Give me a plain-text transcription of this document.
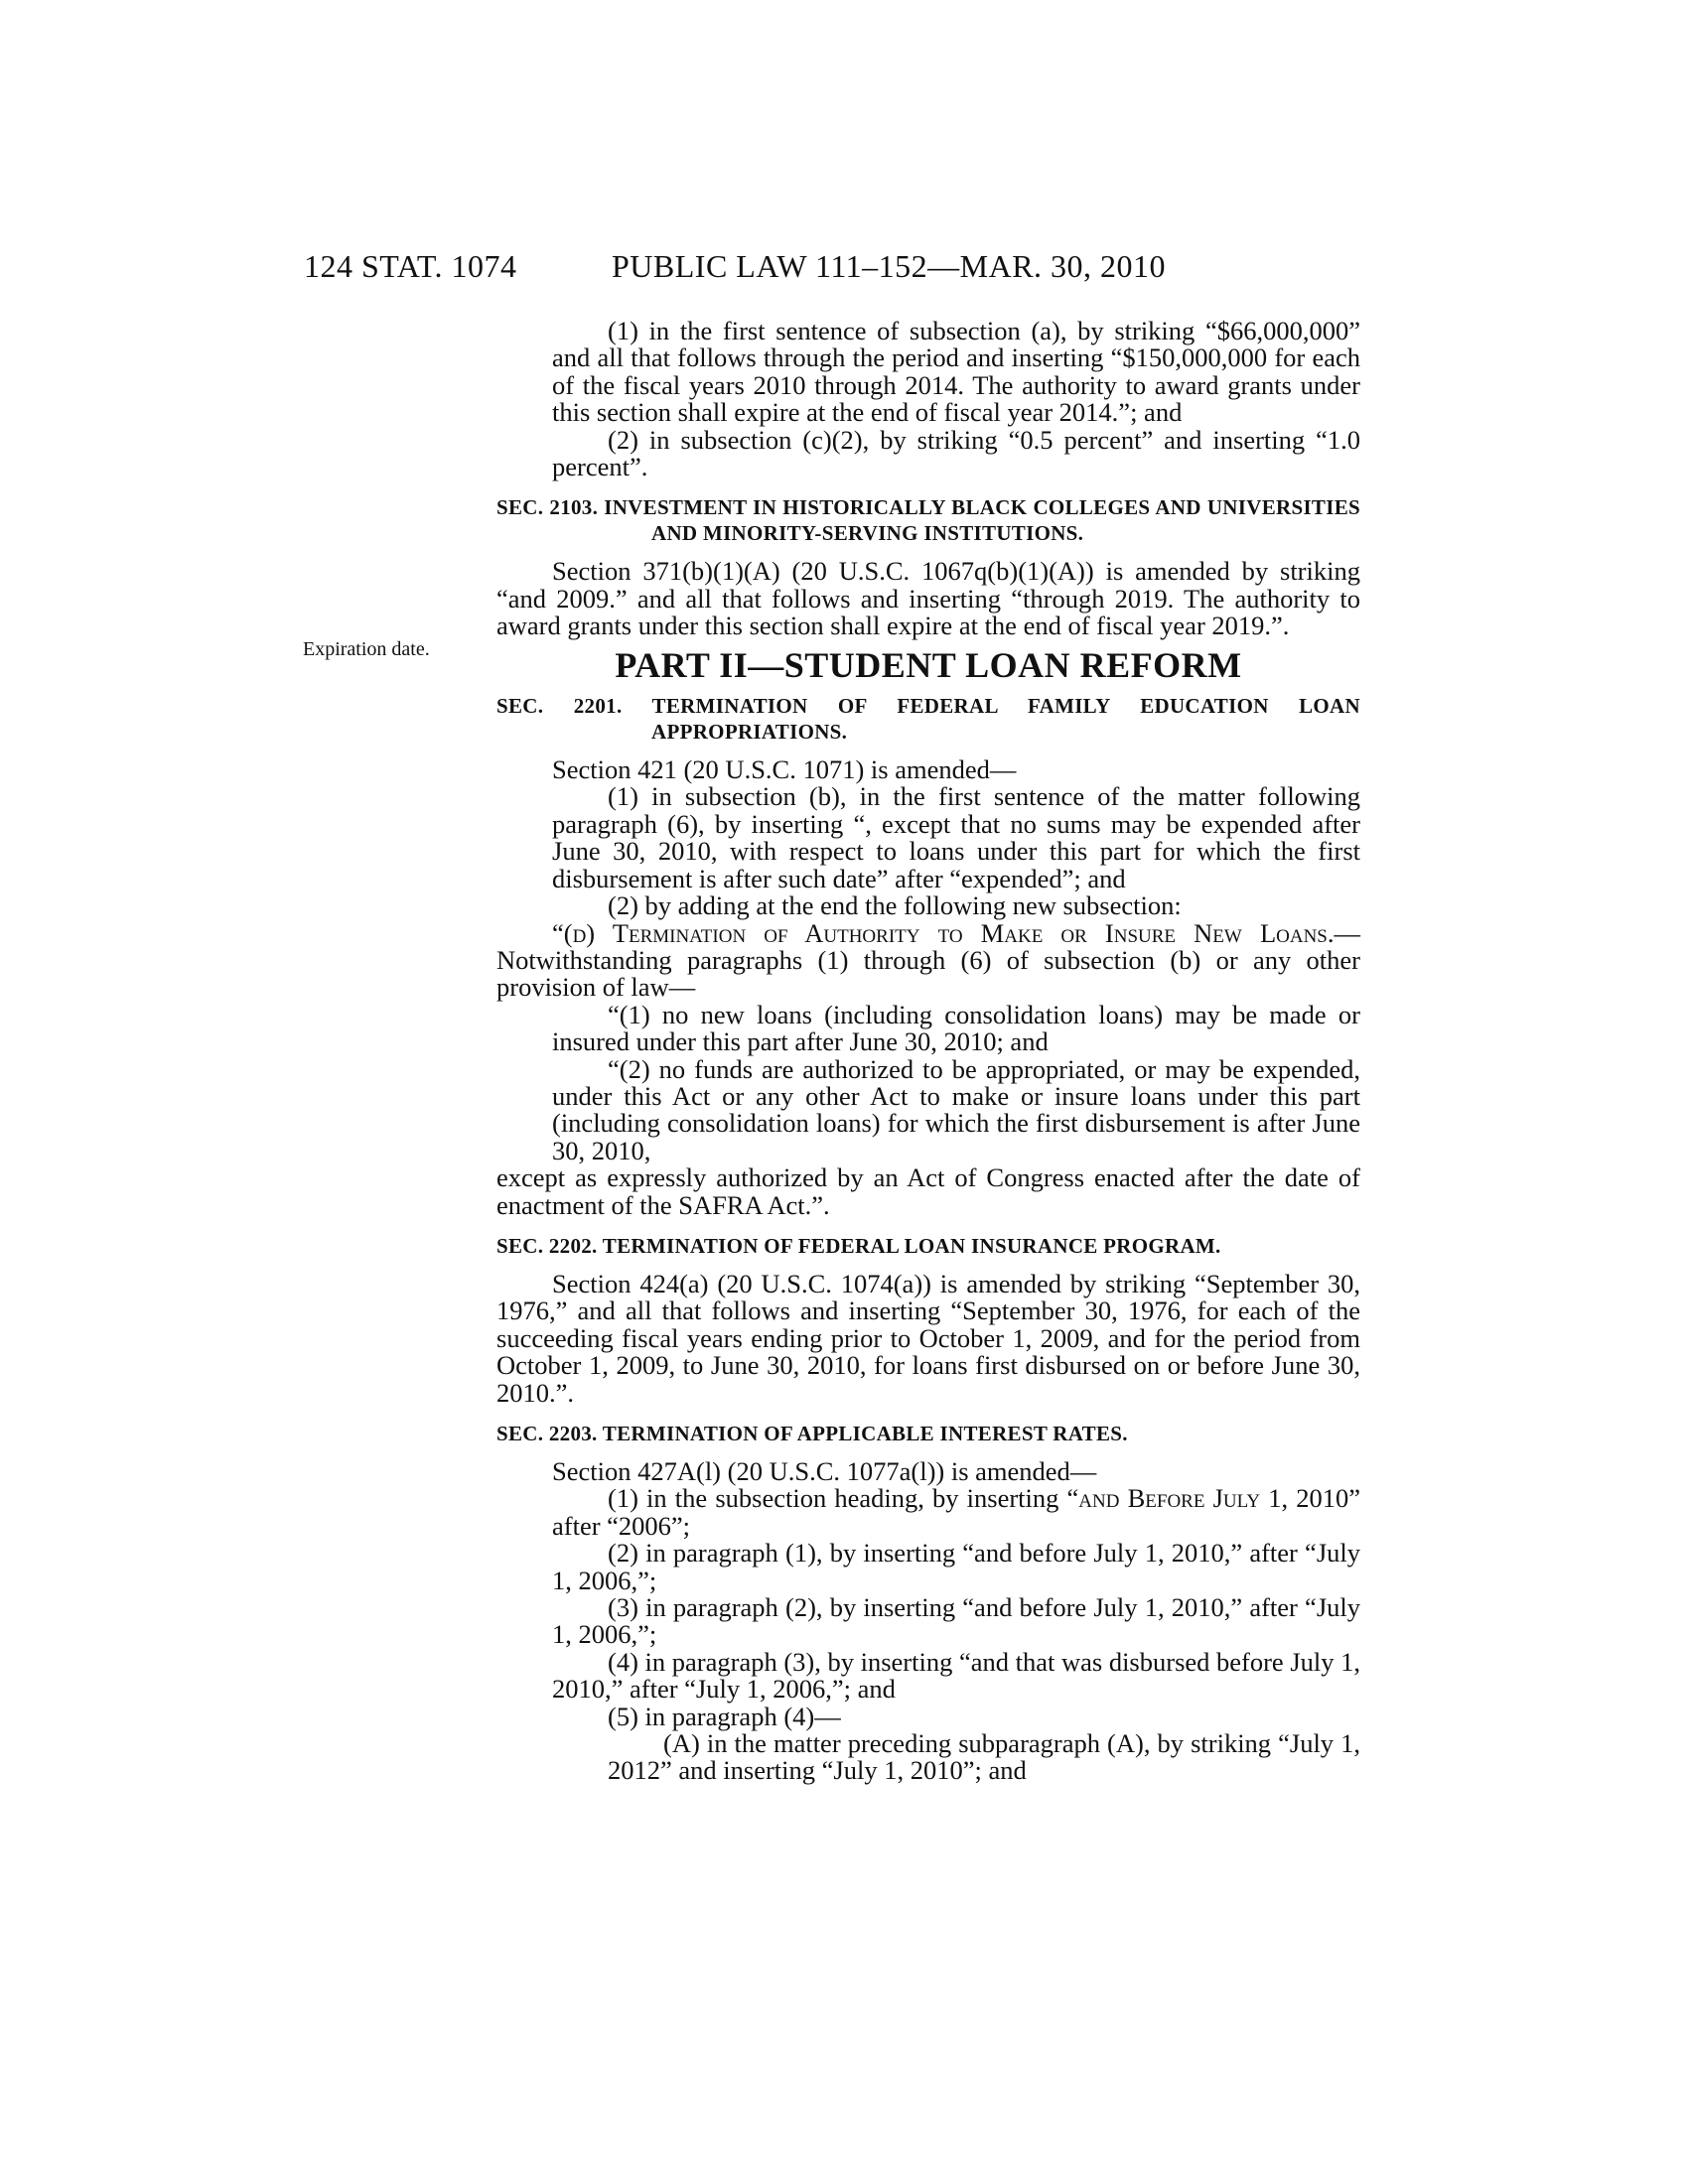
124 STAT. 1074	PUBLIC LAW 111–152—MAR. 30, 2010
Expiration date.

(1) in the first sentence of subsection (a), by striking “$66,000,000” and all that follows through the period and inserting “$150,000,000 for each of the fiscal years 2010 through 2014. The authority to award grants under this section shall expire at the end of fiscal year 2014.”; and

(2) in subsection (c)(2), by striking “0.5 percent” and inserting “1.0 percent”.

SEC. 2103. INVESTMENT IN HISTORICALLY BLACK COLLEGES AND UNIVERSITIES AND MINORITY-SERVING INSTITUTIONS.

Section 371(b)(1)(A) (20 U.S.C. 1067q(b)(1)(A)) is amended by striking “and 2009.” and all that follows and inserting “through 2019. The authority to award grants under this section shall expire at the end of fiscal year 2019.”.

PART II—STUDENT LOAN REFORM
SEC. 2201. TERMINATION OF FEDERAL FAMILY EDUCATION LOAN APPROPRIATIONS.

Section 421 (20 U.S.C. 1071) is amended—

(1) in subsection (b), in the first sentence of the matter following paragraph (6), by inserting “, except that no sums may be expended after June 30, 2010, with respect to loans under this part for which the first disbursement is after such date” after “expended”; and

(2) by adding at the end the following new subsection:

“(d) Termination of Authority to Make or Insure New Loans.—Notwithstanding paragraphs (1) through (6) of subsection (b) or any other provision of law—

“(1) no new loans (including consolidation loans) may be made or insured under this part after June 30, 2010; and

“(2) no funds are authorized to be appropriated, or may be expended, under this Act or any other Act to make or insure loans under this part (including consolidation loans) for which the first disbursement is after June 30, 2010,

except as expressly authorized by an Act of Congress enacted after the date of enactment of the SAFRA Act.”.

SEC. 2202. TERMINATION OF FEDERAL LOAN INSURANCE PROGRAM.

Section 424(a) (20 U.S.C. 1074(a)) is amended by striking “September 30, 1976,” and all that follows and inserting “September 30, 1976, for each of the succeeding fiscal years ending prior to October 1, 2009, and for the period from October 1, 2009, to June 30, 2010, for loans first disbursed on or before June 30, 2010.”.

SEC. 2203. TERMINATION OF APPLICABLE INTEREST RATES.

Section 427A(l) (20 U.S.C. 1077a(l)) is amended—

(1) in the subsection heading, by inserting “and Before July 1, 2010” after “2006”;

(2) in paragraph (1), by inserting “and before July 1, 2010,” after “July 1, 2006,”;

(3) in paragraph (2), by inserting “and before July 1, 2010,” after “July 1, 2006,”;

(4) in paragraph (3), by inserting “and that was disbursed before July 1, 2010,” after “July 1, 2006,”; and

(5) in paragraph (4)—

(A) in the matter preceding subparagraph (A), by striking “July 1, 2012” and inserting “July 1, 2010”; and
